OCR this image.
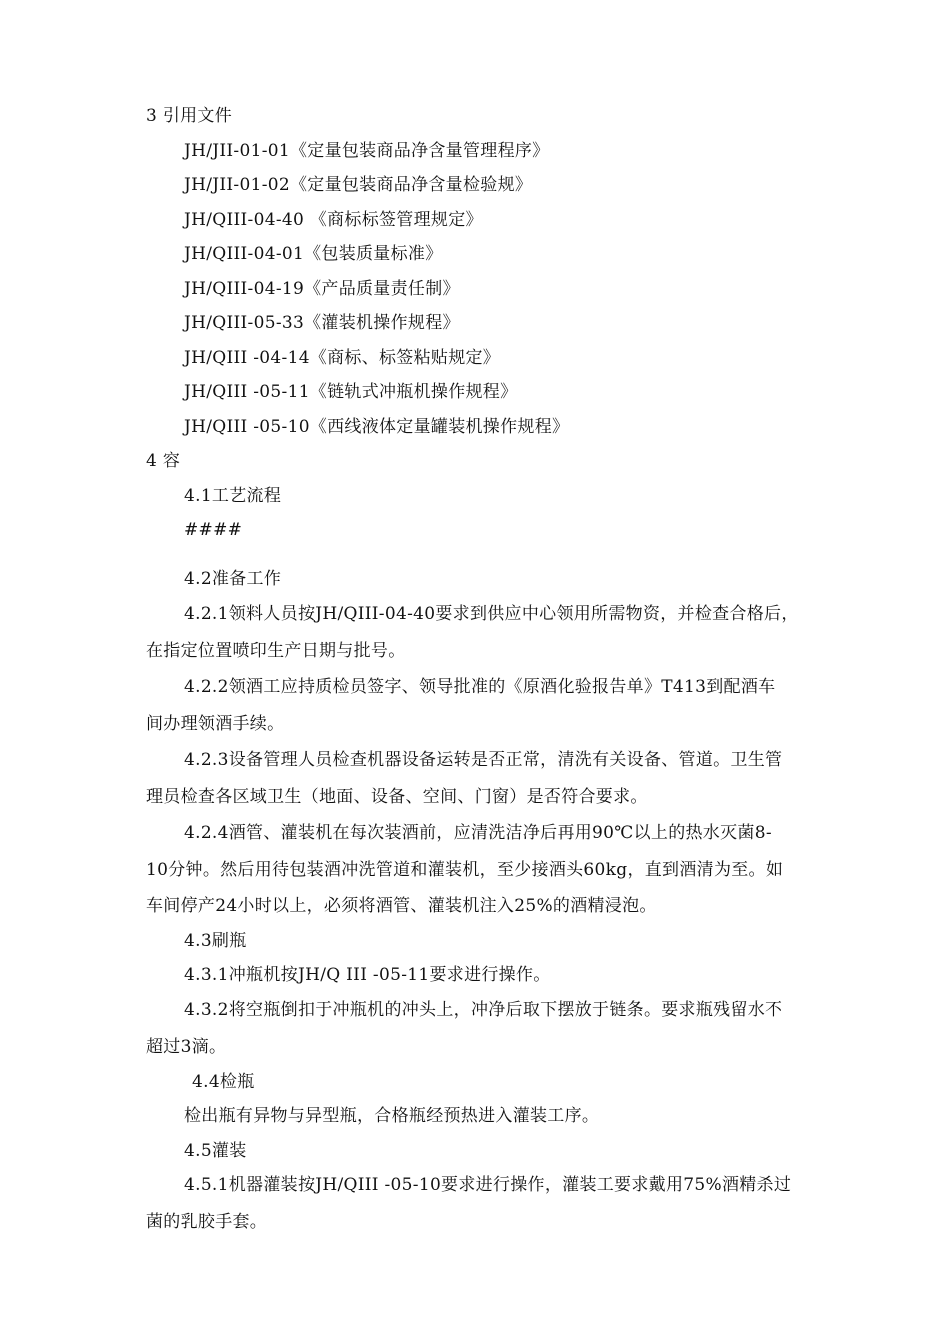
3 引用文件
JH/JII-01-01《定量包装商品净含量管理程序》
JH/JII-01-02《定量包装商品净含量检验规》
JH/QIII-04-40 《商标标签管理规定》
JH/QIII-04-01《包装质量标准》
JH/QIII-04-19《产品质量责任制》
JH/QIII-05-33《灌装机操作规程》
JH/QIII -04-14《商标、标签粘贴规定》
JH/QIII -05-11《链轨式冲瓶机操作规程》
JH/QIII -05-10《西线液体定量罐装机操作规程》
4 容
4.1工艺流程
####
4.2准备工作
4.2.1领料人员按JH/QIII-04-40要求到供应中心领用所需物资，并检查合格后，
在指定位置喷印生产日期与批号。
4.2.2领酒工应持质检员签字、领导批准的《原酒化验报告单》T413到配酒车
间办理领酒手续。
4.2.3设备管理人员检查机器设备运转是否正常，清洗有关设备、管道。卫生管
理员检查各区域卫生（地面、设备、空间、门窗）是否符合要求。
4.2.4酒管、灌装机在每次装酒前，应清洗洁净后再用90℃以上的热水灭菌8-
10分钟。然后用待包装酒冲洗管道和灌装机，至少接酒头60kg，直到酒清为至。如
车间停产24小时以上，必须将酒管、灌装机注入25%的酒精浸泡。
4.3刷瓶
4.3.1冲瓶机按JH/Q III -05-11要求进行操作。
4.3.2将空瓶倒扣于冲瓶机的冲头上，冲净后取下摆放于链条。要求瓶残留水不
超过3滴。
4.4检瓶
检出瓶有异物与异型瓶，合格瓶经预热进入灌装工序。
4.5灌装
4.5.1机器灌装按JH/QIII -05-10要求进行操作，灌装工要求戴用75%酒精杀过
菌的乳胶手套。
